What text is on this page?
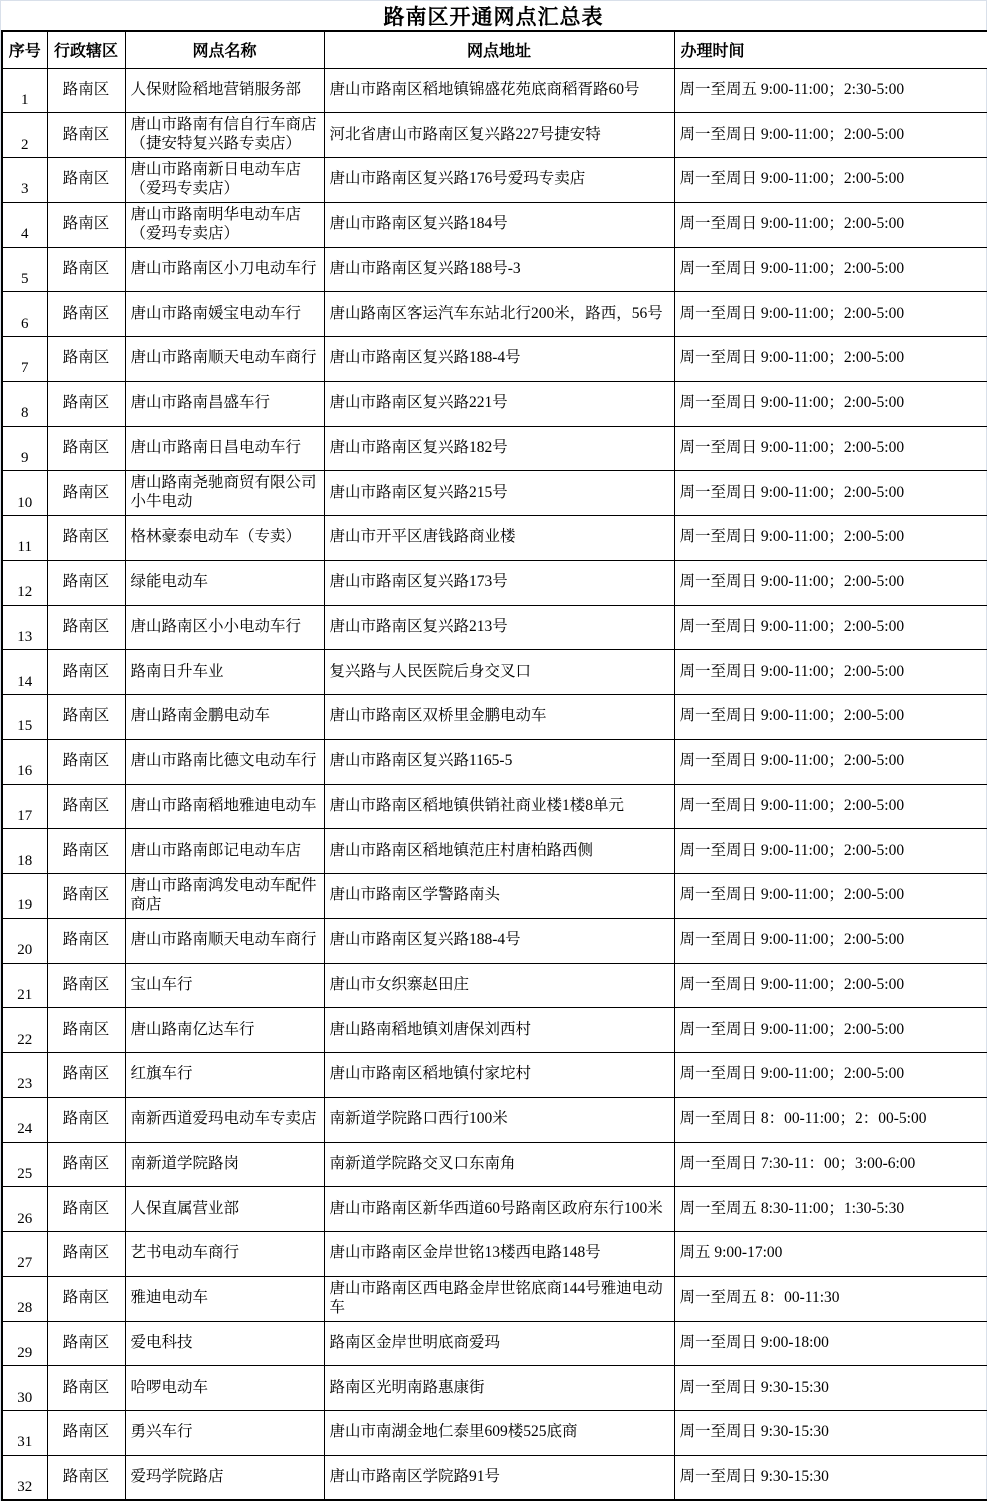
路南区开通网点汇总表
序号	行政辖区	网点名称	网点地址	办理时间
1	路南区	人保财险稻地营销服务部	唐山市路南区稻地镇锦盛花苑底商稻胥路60号	周一至周五 9:00-11:00；2:30-5:00
2	路南区	唐山市路南有信自行车商店（捷安特复兴路专卖店）	河北省唐山市路南区复兴路227号捷安特	周一至周日 9:00-11:00；2:00-5:00
3	路南区	唐山市路南新日电动车店（爱玛专卖店）	唐山市路南区复兴路176号爱玛专卖店	周一至周日 9:00-11:00；2:00-5:00
4	路南区	唐山市路南明华电动车店（爱玛专卖店）	唐山市路南区复兴路184号	周一至周日 9:00-11:00；2:00-5:00
5	路南区	唐山市路南区小刀电动车行	唐山市路南区复兴路188号-3	周一至周日 9:00-11:00；2:00-5:00
6	路南区	唐山市路南媛宝电动车行	唐山路南区客运汽车东站北行200米，路西，56号	周一至周日 9:00-11:00；2:00-5:00
7	路南区	唐山市路南顺天电动车商行	唐山市路南区复兴路188-4号	周一至周日 9:00-11:00；2:00-5:00
8	路南区	唐山市路南昌盛车行	唐山市路南区复兴路221号	周一至周日 9:00-11:00；2:00-5:00
9	路南区	唐山市路南日昌电动车行	唐山市路南区复兴路182号	周一至周日 9:00-11:00；2:00-5:00
10	路南区	唐山路南尧驰商贸有限公司小牛电动	唐山市路南区复兴路215号	周一至周日 9:00-11:00；2:00-5:00
11	路南区	格林豪泰电动车（专卖）	唐山市开平区唐钱路商业楼	周一至周日 9:00-11:00；2:00-5:00
12	路南区	绿能电动车	唐山市路南区复兴路173号	周一至周日 9:00-11:00；2:00-5:00
13	路南区	唐山路南区小小电动车行	唐山市路南区复兴路213号	周一至周日 9:00-11:00；2:00-5:00
14	路南区	路南日升车业	复兴路与人民医院后身交叉口	周一至周日 9:00-11:00；2:00-5:00
15	路南区	唐山路南金鹏电动车	唐山市路南区双桥里金鹏电动车	周一至周日 9:00-11:00；2:00-5:00
16	路南区	唐山市路南比德文电动车行	唐山市路南区复兴路1165-5	周一至周日 9:00-11:00；2:00-5:00
17	路南区	唐山市路南稻地雅迪电动车	唐山市路南区稻地镇供销社商业楼1楼8单元	周一至周日 9:00-11:00；2:00-5:00
18	路南区	唐山市路南郎记电动车店	唐山市路南区稻地镇范庄村唐柏路西侧	周一至周日 9:00-11:00；2:00-5:00
19	路南区	唐山市路南鸿发电动车配件商店	唐山市路南区学警路南头	周一至周日 9:00-11:00；2:00-5:00
20	路南区	唐山市路南顺天电动车商行	唐山市路南区复兴路188-4号	周一至周日 9:00-11:00；2:00-5:00
21	路南区	宝山车行	唐山市女织寨赵田庄	周一至周日 9:00-11:00；2:00-5:00
22	路南区	唐山路南亿达车行	唐山路南稻地镇刘唐保刘西村	周一至周日 9:00-11:00；2:00-5:00
23	路南区	红旗车行	唐山市路南区稻地镇付家坨村	周一至周日 9:00-11:00；2:00-5:00
24	路南区	南新西道爱玛电动车专卖店	南新道学院路口西行100米	周一至周日 8：00-11:00；2：00-5:00
25	路南区	南新道学院路岗	南新道学院路交叉口东南角	周一至周日 7:30-11：00；3:00-6:00
26	路南区	人保直属营业部	唐山市路南区新华西道60号路南区政府东行100米	周一至周五 8:30-11:00；1:30-5:30
27	路南区	艺书电动车商行	唐山市路南区金岸世铭13楼西电路148号	周五 9:00-17:00
28	路南区	雅迪电动车	唐山市路南区西电路金岸世铭底商144号雅迪电动车	周一至周五 8：00-11:30
29	路南区	爱电科技	路南区金岸世明底商爱玛	周一至周日 9:00-18:00
30	路南区	哈啰电动车	路南区光明南路惠康街	周一至周日 9:30-15:30
31	路南区	勇兴车行	唐山市南湖金地仁泰里609楼525底商	周一至周日 9:30-15:30
32	路南区	爱玛学院路店	唐山市路南区学院路91号	周一至周日 9:30-15:30
